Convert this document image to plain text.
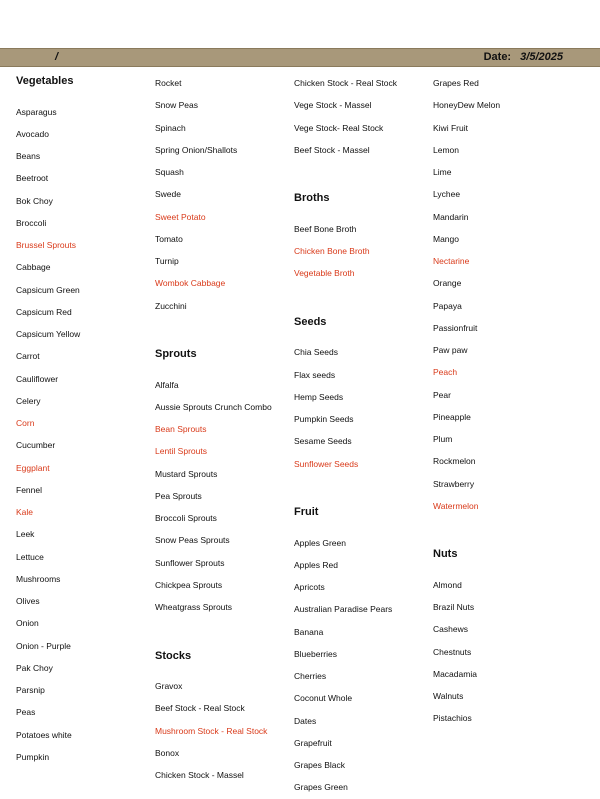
/	Date: 3/5/2025
Vegetables
Asparagus
Avocado
Beans
Beetroot
Bok Choy
Broccoli
Brussel Sprouts
Cabbage
Capsicum Green
Capsicum Red
Capsicum Yellow
Carrot
Cauliflower
Celery
Corn
Cucumber
Eggplant
Fennel
Kale
Leek
Lettuce
Mushrooms
Olives
Onion
Onion - Purple
Pak Choy
Parsnip
Peas
Potatoes white
Pumpkin
Rocket
Snow Peas
Spinach
Spring Onion/Shallots
Squash
Swede
Sweet Potato
Tomato
Turnip
Wombok Cabbage
Zucchini
Sprouts
Alfalfa
Aussie Sprouts Crunch Combo
Bean Sprouts
Lentil Sprouts
Mustard Sprouts
Pea Sprouts
Broccoli Sprouts
Snow Peas Sprouts
Sunflower Sprouts
Chickpea Sprouts
Wheatgrass Sprouts
Stocks
Gravox
Beef Stock - Real Stock
Mushroom Stock - Real Stock
Bonox
Chicken Stock - Massel
Chicken Stock - Real Stock
Vege Stock - Massel
Vege Stock- Real Stock
Beef Stock - Massel
Broths
Beef Bone Broth
Chicken Bone Broth
Vegetable Broth
Seeds
Chia Seeds
Flax seeds
Hemp Seeds
Pumpkin Seeds
Sesame Seeds
Sunflower Seeds
Fruit
Apples Green
Apples Red
Apricots
Australian Paradise Pears
Banana
Blueberries
Cherries
Coconut Whole
Dates
Grapefruit
Grapes Black
Grapes Green
Grapes Red
HoneyDew Melon
Kiwi Fruit
Lemon
Lime
Lychee
Mandarin
Mango
Nectarine
Orange
Papaya
Passionfruit
Paw paw
Peach
Pear
Pineapple
Plum
Rockmelon
Strawberry
Watermelon
Nuts
Almond
Brazil Nuts
Cashews
Chestnuts
Macadamia
Walnuts
Pistachios
